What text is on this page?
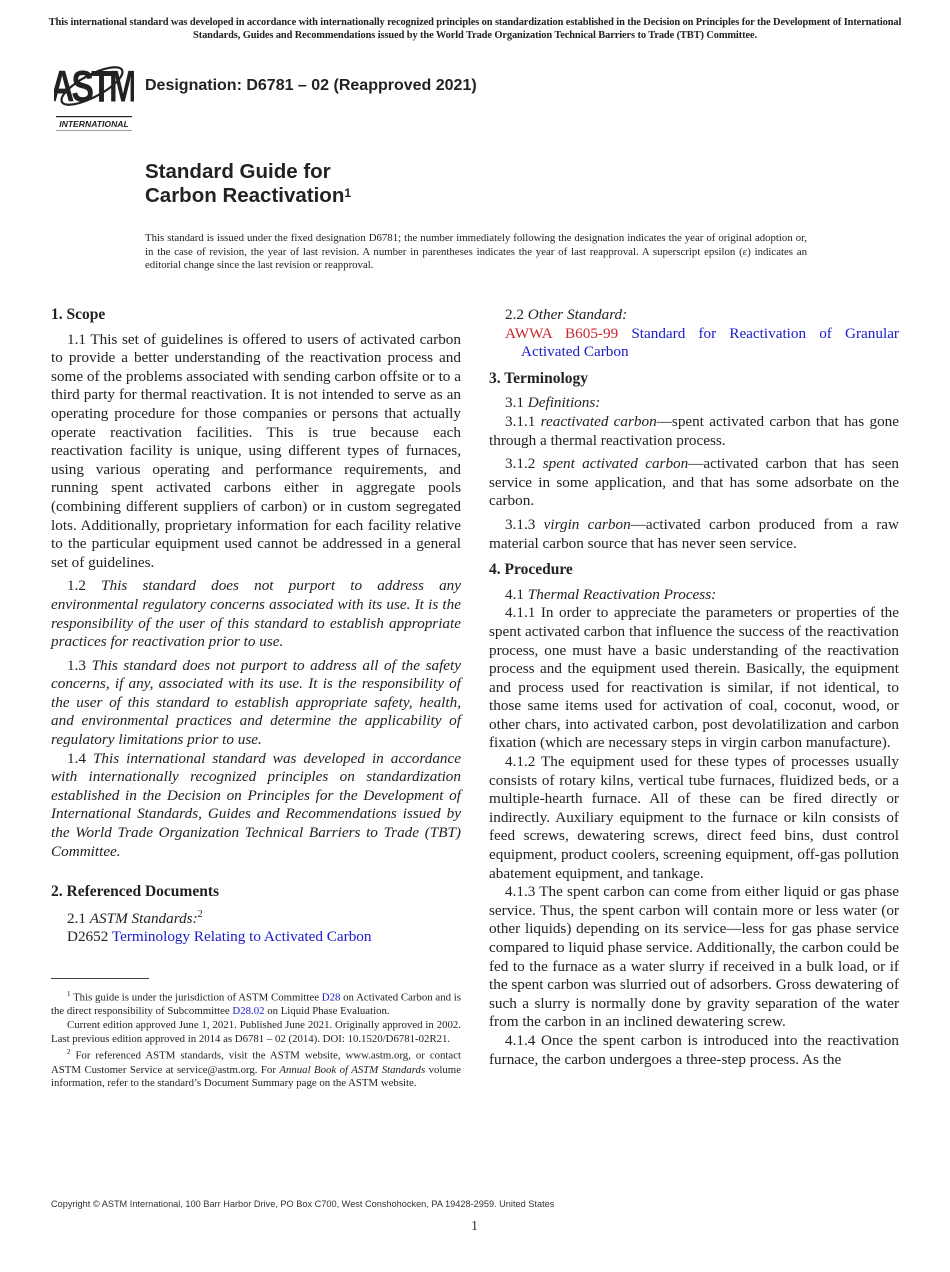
This international standard was developed in accordance with internationally recognized principles on standardization established in the Decision on Principles for the Development of International Standards, Guides and Recommendations issued by the World Trade Organization Technical Barriers to Trade (TBT) Committee.
ASTM
INTERNATIONAL
Designation: D6781 – 02 (Reapproved 2021)
Standard Guide for
Carbon Reactivation$^1$
This standard is issued under the fixed designation D6781; the number immediately following the designation indicates the year of original adoption or, in the case of revision, the year of last revision. A number in parentheses indicates the year of last reapproval. A superscript epsilon (ε) indicates an editorial change since the last revision or reapproval.
1. Scope

1.1 This set of guidelines is offered to users of activated carbon to provide a better understanding of the reactivation process and some of the problems associated with sending carbon offsite or to a third party for thermal reactivation. It is not intended to serve as an operating procedure for those companies or persons that actually operate reactivation facilities. This is true because each reactivation facility is unique, using different types of furnaces, using various operating and performance requirements, and running spent activated carbons either in aggregate pools (combining different suppliers of carbon) or in custom segregated lots. Additionally, proprietary information for each facility relative to the particular equipment used cannot be addressed in a general set of guidelines.

1.2 This standard does not purport to address any environmental regulatory concerns associated with its use. It is the responsibility of the user of this standard to establish appropriate practices for reactivation prior to use.

1.3 This standard does not purport to address all of the safety concerns, if any, associated with its use. It is the responsibility of the user of this standard to establish appropriate safety, health, and environmental practices and determine the applicability of regulatory limitations prior to use.

1.4 This international standard was developed in accordance with internationally recognized principles on standardization established in the Decision on Principles for the Development of International Standards, Guides and Recommendations issued by the World Trade Organization Technical Barriers to Trade (TBT) Committee.

2. Referenced Documents

2.1 ASTM Standards:$^2$

D2652 Terminology Relating to Activated Carbon

2.2 Other Standard:

AWWA B605-99 Standard for Reactivation of Granular Activated Carbon

3. Terminology

3.1 Definitions:

3.1.1 reactivated carbon—spent activated carbon that has gone through a thermal reactivation process.

3.1.2 spent activated carbon—activated carbon that has seen service in some application, and that has some adsorbate on the carbon.

3.1.3 virgin carbon—activated carbon produced from a raw material carbon source that has never seen service.

4. Procedure

4.1 Thermal Reactivation Process:

4.1.1 In order to appreciate the parameters or properties of the spent activated carbon that influence the success of the reactivation process, one must have a basic understanding of the reactivation process and the equipment used therein. Basically, the equipment and process used for reactivation is similar, if not identical, to those same items used for activation of coal, coconut, wood, or other chars, into activated carbon, post devolatilization and carbon fixation (which are necessary steps in virgin carbon manufacture).

4.1.2 The equipment used for these types of processes usually consists of rotary kilns, vertical tube furnaces, fluidized beds, or a multiple-hearth furnace. All of these can be fired directly or indirectly. Auxiliary equipment to the furnace or kiln consists of feed screws, dewatering screws, direct feed bins, dust control equipment, product coolers, screening equipment, off-gas pollution abatement equipment, and tankage.

4.1.3 The spent carbon can come from either liquid or gas phase service. Thus, the spent carbon will contain more or less water (or other liquids) depending on its service—less for gas phase service compared to liquid phase service. Additionally, the carbon could be fed to the furnace as a water slurry if received in a bulk load, or if the spent carbon was slurried out of adsorbers. Gross dewatering of such a slurry is normally done by gravity separation of the water from the carbon in an inclined dewatering screw.

4.1.4 Once the spent carbon is introduced into the reactivation furnace, the carbon undergoes a three-step process. As the

$^1$ This guide is under the jurisdiction of ASTM Committee D28 on Activated Carbon and is the direct responsibility of Subcommittee D28.02 on Liquid Phase Evaluation.

Current edition approved June 1, 2021. Published June 2021. Originally approved in 2002. Last previous edition approved in 2014 as D6781 – 02 (2014). DOI: 10.1520/D6781-02R21.

$^2$ For referenced ASTM standards, visit the ASTM website, www.astm.org, or contact ASTM Customer Service at service@astm.org. For Annual Book of ASTM Standards volume information, refer to the standard’s Document Summary page on the ASTM website.

Copyright © ASTM International, 100 Barr Harbor Drive, PO Box C700, West Conshohocken, PA 19428-2959. United States
1
